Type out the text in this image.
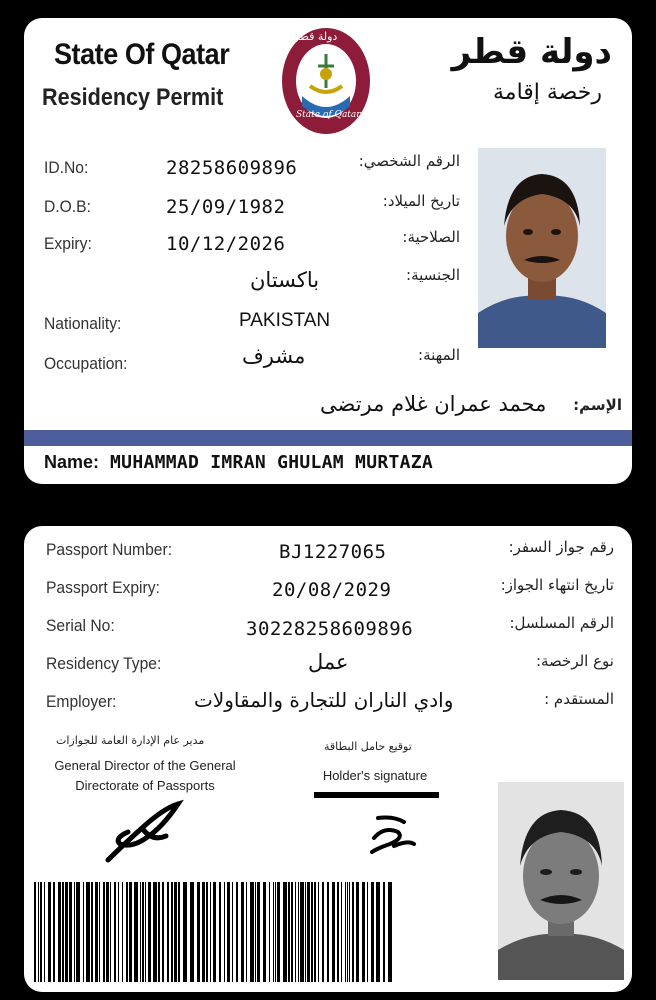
State Of Qatar
Residency Permit
دولة قطر
State of Qatar
دولة قطر
رخصة إقامة
ID.No:	28258609896	الرقم الشخصي:
D.O.B:	25/09/1982	تاريخ الميلاد:
Expiry:	10/12/2026	الصلاحية:
باكستان	الجنسية:
Nationality:	PAKISTAN
Occupation:	مشرف	المهنة:
محمد عمران غلام مرتضى الإسم:
Name: MUHAMMAD IMRAN GHULAM MURTAZA
Passport Number:	BJ1227065	رقم جواز السفر:
Passport Expiry:	20/08/2029	تاريخ انتهاء الجواز:
Serial No:	30228258609896	الرقم المسلسل:
Residency Type:	عمل	نوع الرخصة:
Employer:	وادي الناران للتجارة والمقاولات	المستقدم :
مدير عام الإدارة العامة للجوازات
General Director of the General
Directorate of Passports
توقيع حامل البطاقة
Holder's signature
